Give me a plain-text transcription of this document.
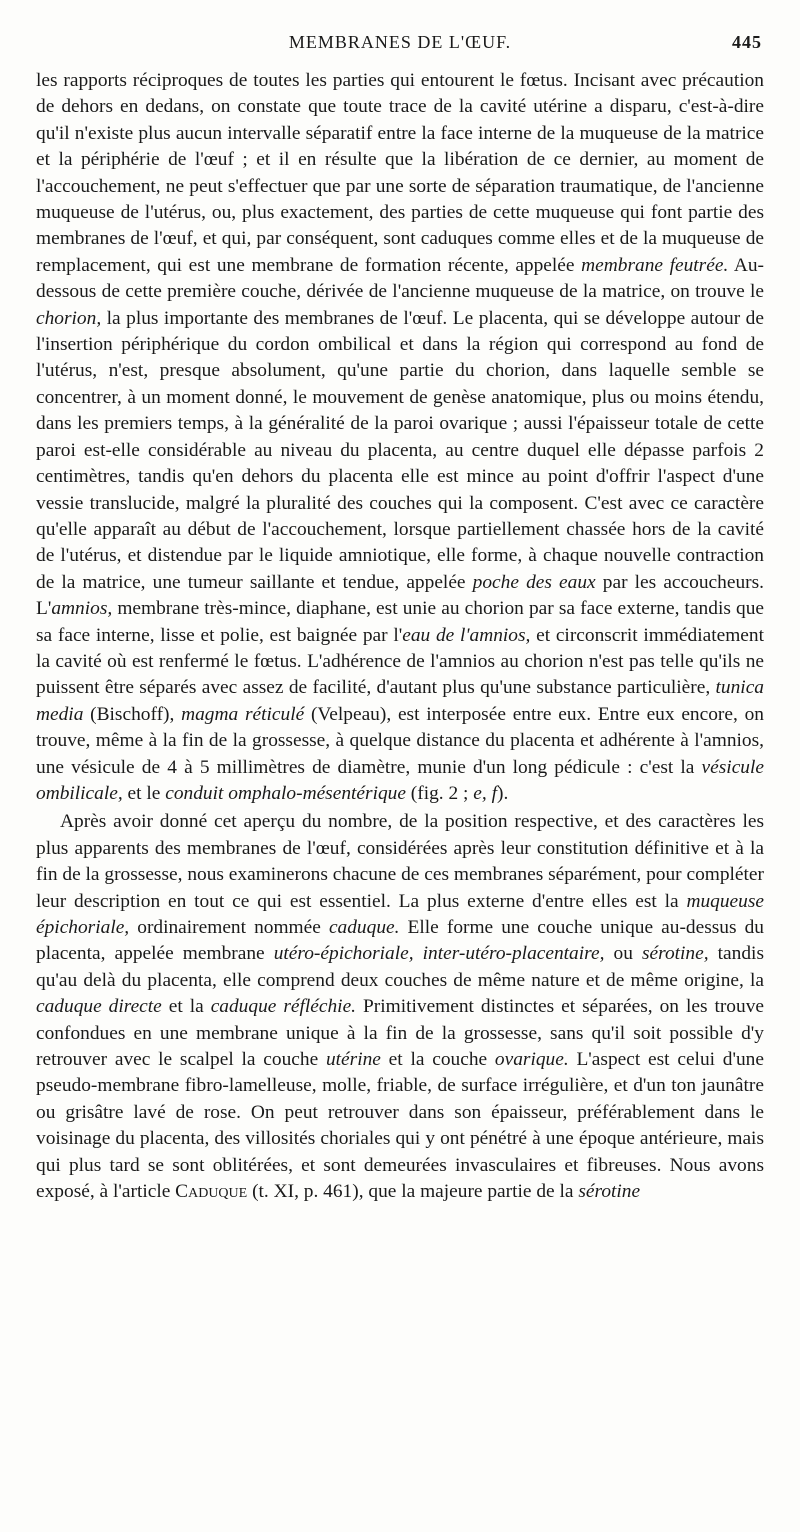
MEMBRANES DE L'ŒUF.	445

les rapports réciproques de toutes les parties qui entourent le fœtus. Incisant avec précaution de dehors en dedans, on constate que toute trace de la cavité utérine a disparu, c'est-à-dire qu'il n'existe plus aucun intervalle séparatif entre la face interne de la muqueuse de la matrice et la périphérie de l'œuf ; et il en résulte que la libération de ce dernier, au moment de l'accouchement, ne peut s'effectuer que par une sorte de séparation traumatique, de l'ancienne muqueuse de l'utérus, ou, plus exactement, des parties de cette muqueuse qui font partie des membranes de l'œuf, et qui, par conséquent, sont caduques comme elles et de la muqueuse de remplacement, qui est une membrane de formation récente, appelée membrane feutrée. Au-dessous de cette première couche, dérivée de l'ancienne muqueuse de la matrice, on trouve le chorion, la plus importante des membranes de l'œuf. Le placenta, qui se développe autour de l'insertion périphérique du cordon ombilical et dans la région qui correspond au fond de l'utérus, n'est, presque absolument, qu'une partie du chorion, dans laquelle semble se concentrer, à un moment donné, le mouvement de genèse anatomique, plus ou moins étendu, dans les premiers temps, à la généralité de la paroi ovarique ; aussi l'épaisseur totale de cette paroi est-elle considérable au niveau du placenta, au centre duquel elle dépasse parfois 2 centimètres, tandis qu'en dehors du placenta elle est mince au point d'offrir l'aspect d'une vessie translucide, malgré la pluralité des couches qui la composent. C'est avec ce caractère qu'elle apparaît au début de l'accouchement, lorsque partiellement chassée hors de la cavité de l'utérus, et distendue par le liquide amniotique, elle forme, à chaque nouvelle contraction de la matrice, une tumeur saillante et tendue, appelée poche des eaux par les accoucheurs. L'amnios, membrane très-mince, diaphane, est unie au chorion par sa face externe, tandis que sa face interne, lisse et polie, est baignée par l'eau de l'amnios, et circonscrit immédiatement la cavité où est renfermé le fœtus. L'adhérence de l'amnios au chorion n'est pas telle qu'ils ne puissent être séparés avec assez de facilité, d'autant plus qu'une substance particulière, tunica media (Bischoff), magma réticulé (Velpeau), est interposée entre eux. Entre eux encore, on trouve, même à la fin de la grossesse, à quelque distance du placenta et adhérente à l'amnios, une vésicule de 4 à 5 millimètres de diamètre, munie d'un long pédicule : c'est la vésicule ombilicale, et le conduit omphalo-mésentérique (fig. 2 ; e, f).

Après avoir donné cet aperçu du nombre, de la position respective, et des caractères les plus apparents des membranes de l'œuf, considérées après leur constitution définitive et à la fin de la grossesse, nous examinerons chacune de ces membranes séparément, pour compléter leur description en tout ce qui est essentiel. La plus externe d'entre elles est la muqueuse épichoriale, ordinairement nommée caduque. Elle forme une couche unique au-dessus du placenta, appelée membrane utéro-épichoriale, inter-utéro-placentaire, ou sérotine, tandis qu'au delà du placenta, elle comprend deux couches de même nature et de même origine, la caduque directe et la caduque réfléchie. Primitivement distinctes et séparées, on les trouve confondues en une membrane unique à la fin de la grossesse, sans qu'il soit possible d'y retrouver avec le scalpel la couche utérine et la couche ovarique. L'aspect est celui d'une pseudo-membrane fibro-lamelleuse, molle, friable, de surface irrégulière, et d'un ton jaunâtre ou grisâtre lavé de rose. On peut retrouver dans son épaisseur, préférablement dans le voisinage du placenta, des villosités choriales qui y ont pénétré à une époque antérieure, mais qui plus tard se sont oblitérées, et sont demeurées invasculaires et fibreuses. Nous avons exposé, à l'article Caduque (t. XI, p. 461), que la majeure partie de la sérotine
